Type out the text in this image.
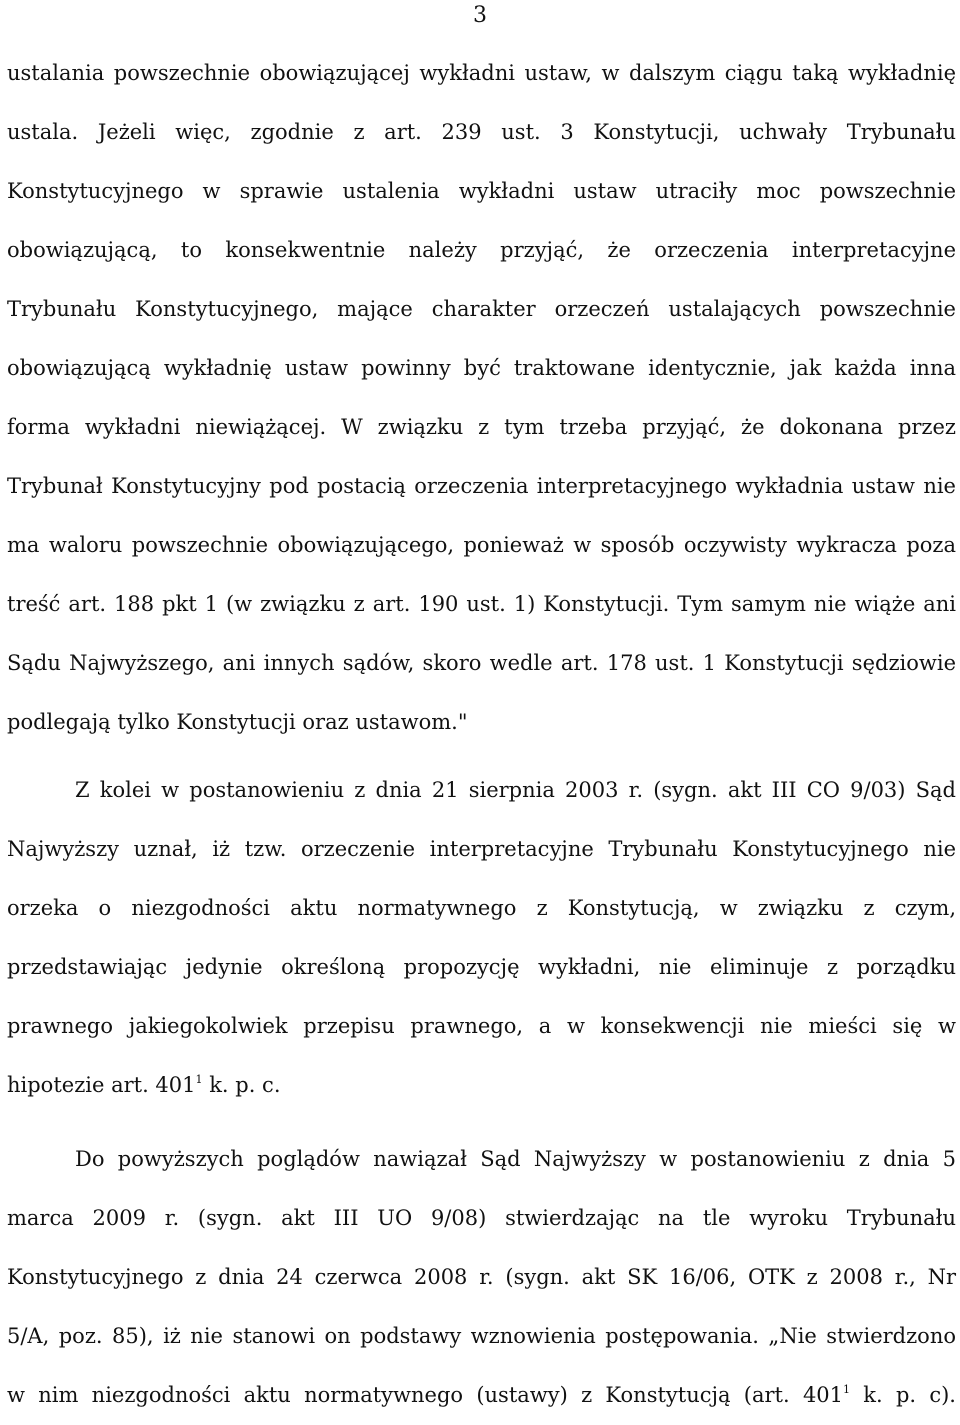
3
ustalania powszechnie obowiązującej wykładni ustaw, w dalszym ciągu taką wykładnię
ustala. Jeżeli więc, zgodnie z art. 239 ust. 3 Konstytucji, uchwały Trybunału
Konstytucyjnego w sprawie ustalenia wykładni ustaw utraciły moc powszechnie
obowiązującą, to konsekwentnie należy przyjąć, że orzeczenia interpretacyjne
Trybunału Konstytucyjnego, mające charakter orzeczeń ustalających powszechnie
obowiązującą wykładnię ustaw powinny być traktowane identycznie, jak każda inna
forma wykładni niewiążącej. W związku z tym trzeba przyjąć, że dokonana przez
Trybunał Konstytucyjny pod postacią orzeczenia interpretacyjnego wykładnia ustaw nie
ma waloru powszechnie obowiązującego, ponieważ w sposób oczywisty wykracza poza
treść art. 188 pkt 1 (w związku z art. 190 ust. 1) Konstytucji. Tym samym nie wiąże ani
Sądu Najwyższego, ani innych sądów, skoro wedle art. 178 ust. 1 Konstytucji sędziowie
podlegają tylko Konstytucji oraz ustawom."
Z kolei w postanowieniu z dnia 21 sierpnia 2003 r. (sygn. akt III CO 9/03) Sąd
Najwyższy uznał, iż tzw. orzeczenie interpretacyjne Trybunału Konstytucyjnego nie
orzeka o niezgodności aktu normatywnego z Konstytucją, w związku z czym,
przedstawiając jedynie określoną propozycję wykładni, nie eliminuje z porządku
prawnego jakiegokolwiek przepisu prawnego, a w konsekwencji nie mieści się w
hipotezie art. $401^1$ k. p. c.
Do powyższych poglądów nawiązał Sąd Najwyższy w postanowieniu z dnia 5
marca 2009 r. (sygn. akt III UO 9/08) stwierdzając na tle wyroku Trybunału
Konstytucyjnego z dnia 24 czerwca 2008 r. (sygn. akt SK 16/06, OTK z 2008 r., Nr
5/A, poz. 85), iż nie stanowi on podstawy wznowienia postępowania. „Nie stwierdzono
w nim niezgodności aktu normatywnego (ustawy) z Konstytucją (art. $401^1$ k. p. c).
